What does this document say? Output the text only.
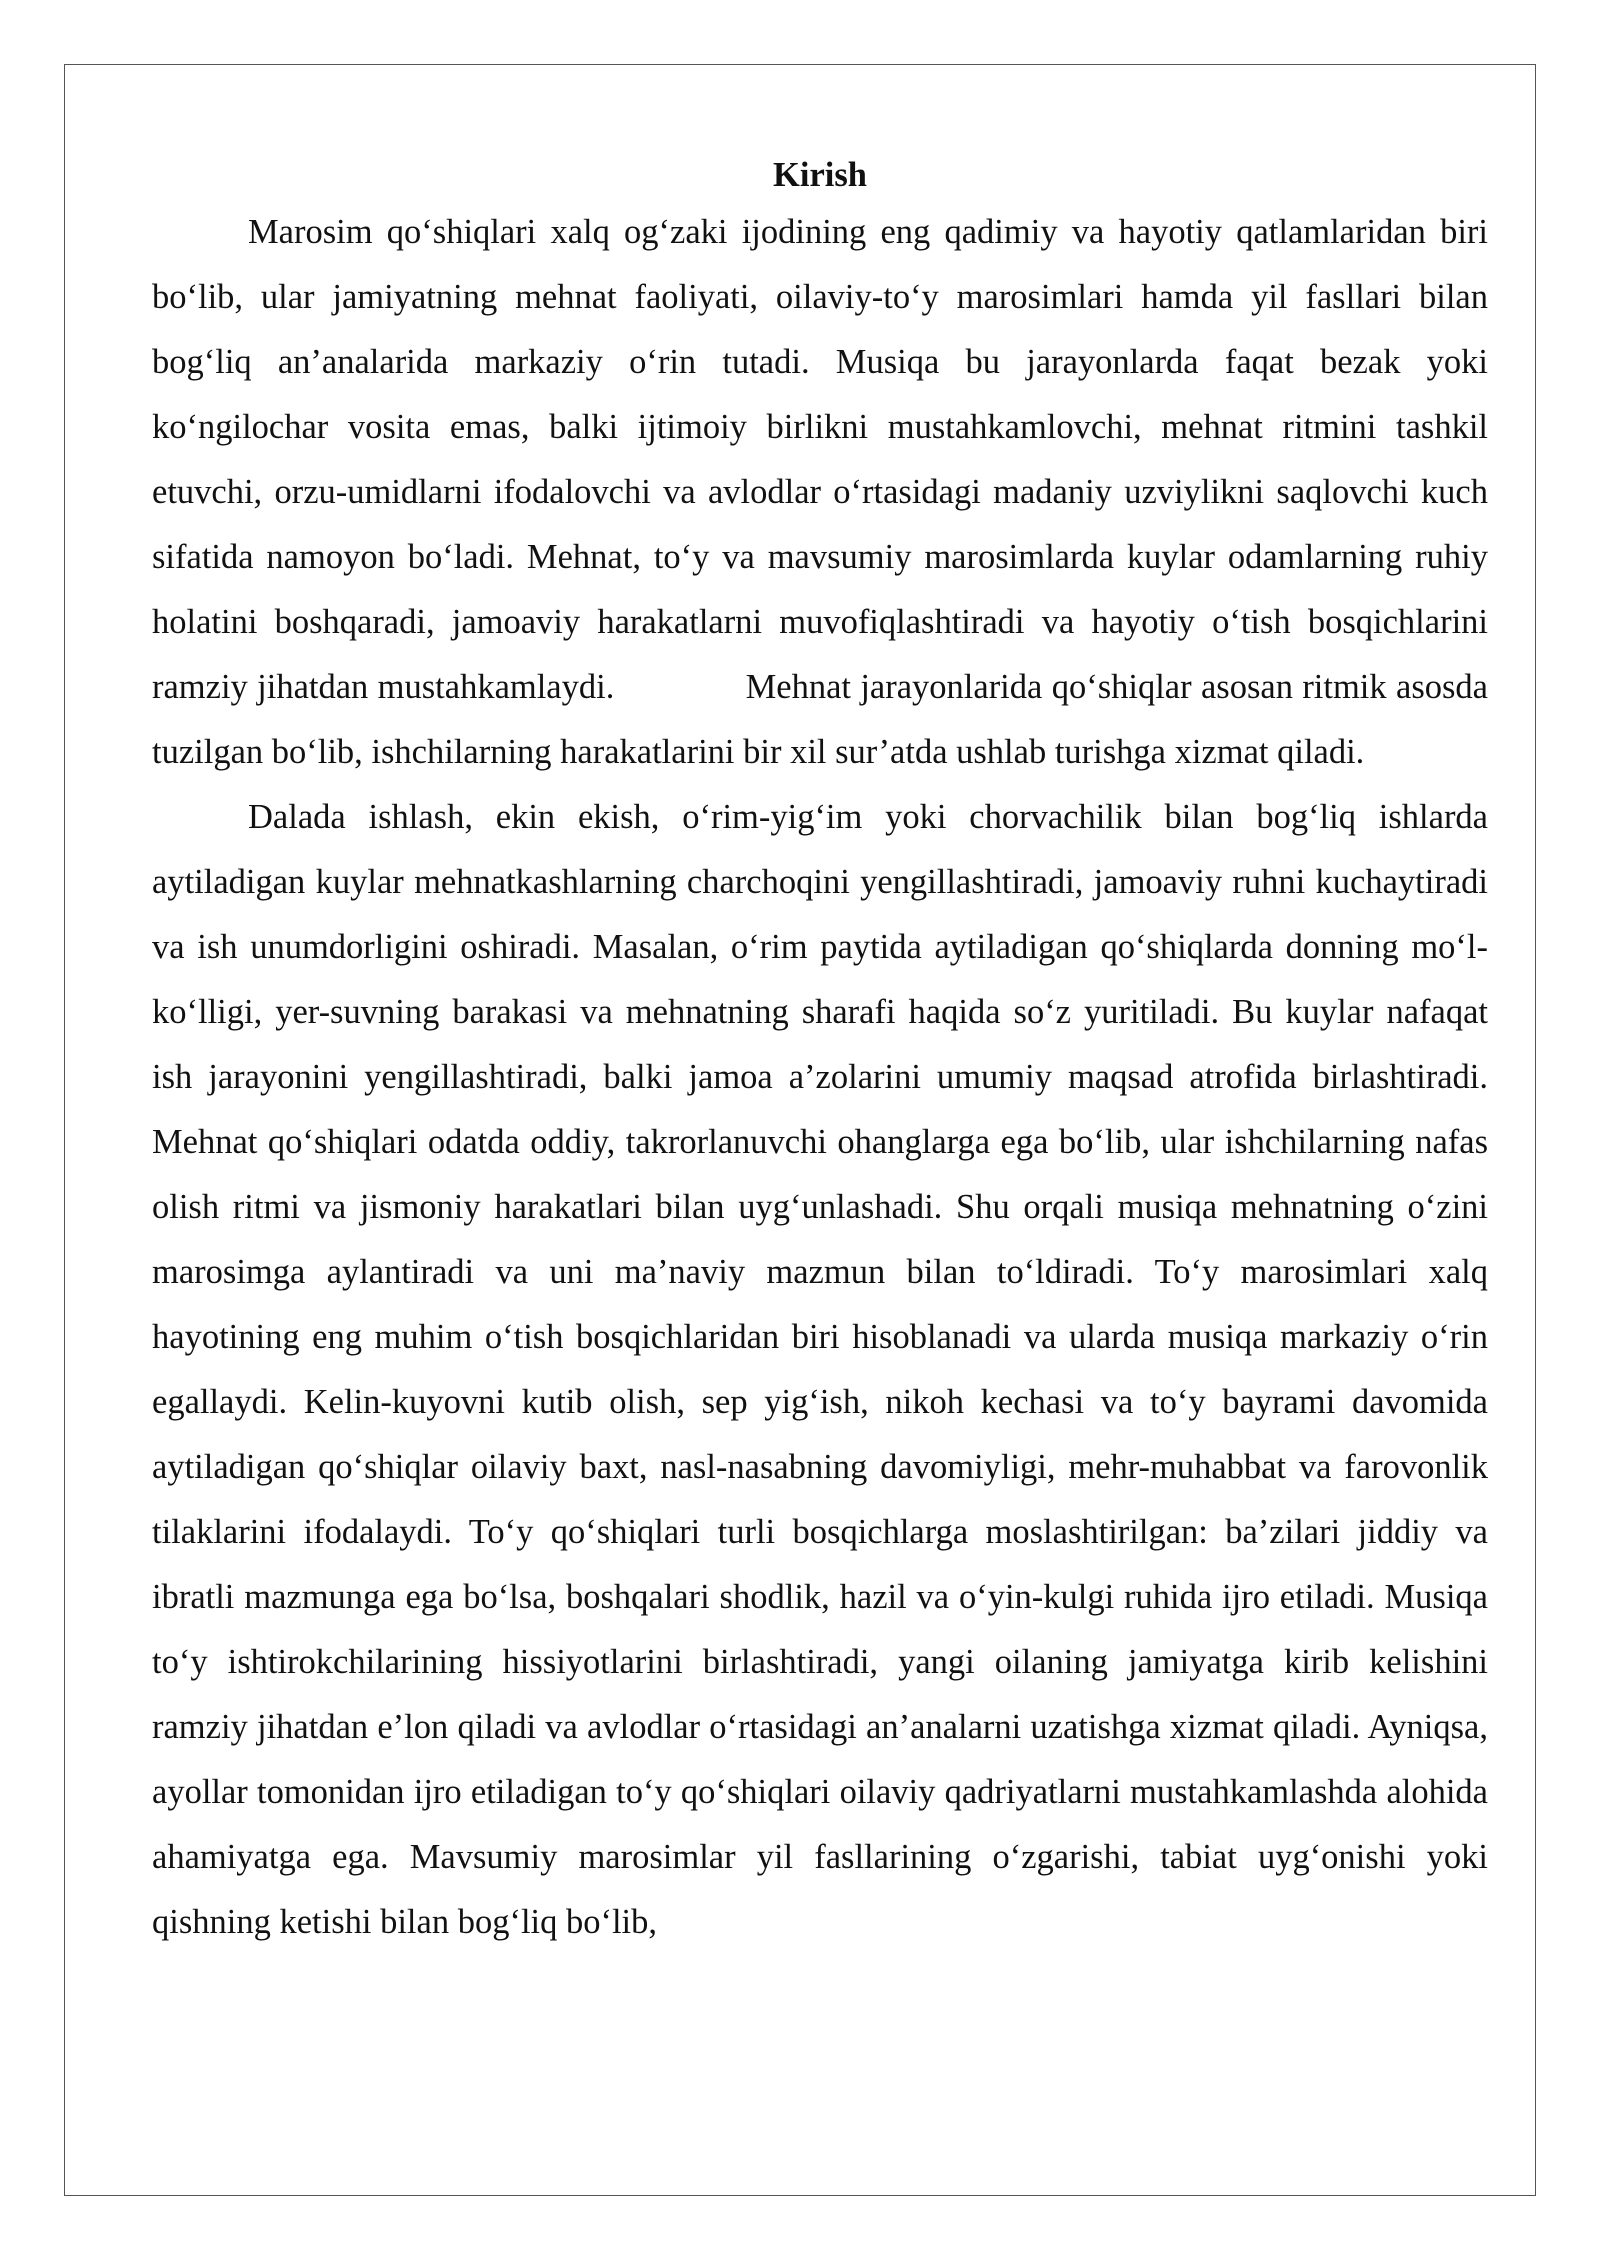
Kirish

Marosim qo‘shiqlari xalq og‘zaki ijodining eng qadimiy va hayotiy qatlamlaridan biri bo‘lib, ular jamiyatning mehnat faoliyati, oilaviy-to‘y marosimlari hamda yil fasllari bilan bog‘liq an’analarida markaziy o‘rin tutadi. Musiqa bu jarayonlarda faqat bezak yoki ko‘ngilochar vosita emas, balki ijtimoiy birlikni mustahkamlovchi, mehnat ritmini tashkil etuvchi, orzu-umidlarni ifodalovchi va avlodlar o‘rtasidagi madaniy uzviylikni saqlovchi kuch sifatida namoyon bo‘ladi. Mehnat, to‘y va mavsumiy marosimlarda kuylar odamlarning ruhiy holatini boshqaradi, jamoaviy harakatlarni muvofiqlashtiradi va hayotiy o‘tish bosqichlarini ramziy jihatdan mustahkamlaydi.              Mehnat jarayonlarida qo‘shiqlar asosan ritmik asosda tuzilgan bo‘lib, ishchilarning harakatlarini bir xil sur’atda ushlab turishga xizmat qiladi.

Dalada ishlash, ekin ekish, o‘rim-yig‘im yoki chorvachilik bilan bog‘liq ishlarda aytiladigan kuylar mehnatkashlarning charchoqini yengillashtiradi, jamoaviy ruhni kuchaytiradi va ish unumdorligini oshiradi. Masalan, o‘rim paytida aytiladigan qo‘shiqlarda donning mo‘l-ko‘lligi, yer-suvning barakasi va mehnatning sharafi haqida so‘z yuritiladi. Bu kuylar nafaqat ish jarayonini yengillashtiradi, balki jamoa a’zolarini umumiy maqsad atrofida birlashtiradi. Mehnat qo‘shiqlari odatda oddiy, takrorlanuvchi ohanglarga ega bo‘lib, ular ishchilarning nafas olish ritmi va jismoniy harakatlari bilan uyg‘unlashadi. Shu orqali musiqa mehnatning o‘zini marosimga aylantiradi va uni ma’naviy mazmun bilan to‘ldiradi. To‘y marosimlari xalq hayotining eng muhim o‘tish bosqichlaridan biri hisoblanadi va ularda musiqa markaziy o‘rin egallaydi. Kelin-kuyovni kutib olish, sep yig‘ish, nikoh kechasi va to‘y bayrami davomida aytiladigan qo‘shiqlar oilaviy baxt, nasl-nasabning davomiyligi, mehr-muhabbat va farovonlik tilaklarini ifodalaydi. To‘y qo‘shiqlari turli bosqichlarga moslashtirilgan: ba’zilari jiddiy va ibratli mazmunga ega bo‘lsa, boshqalari shodlik, hazil va o‘yin-kulgi ruhida ijro etiladi. Musiqa to‘y ishtirokchilarining hissiyotlarini birlashtiradi, yangi oilaning jamiyatga kirib kelishini ramziy jihatdan e’lon qiladi va avlodlar o‘rtasidagi an’analarni uzatishga xizmat qiladi. Ayniqsa, ayollar tomonidan ijro etiladigan to‘y qo‘shiqlari oilaviy qadriyatlarni mustahkamlashda alohida ahamiyatga ega. Mavsumiy marosimlar yil fasllarining o‘zgarishi, tabiat uyg‘onishi yoki qishning ketishi bilan bog‘liq bo‘lib,
